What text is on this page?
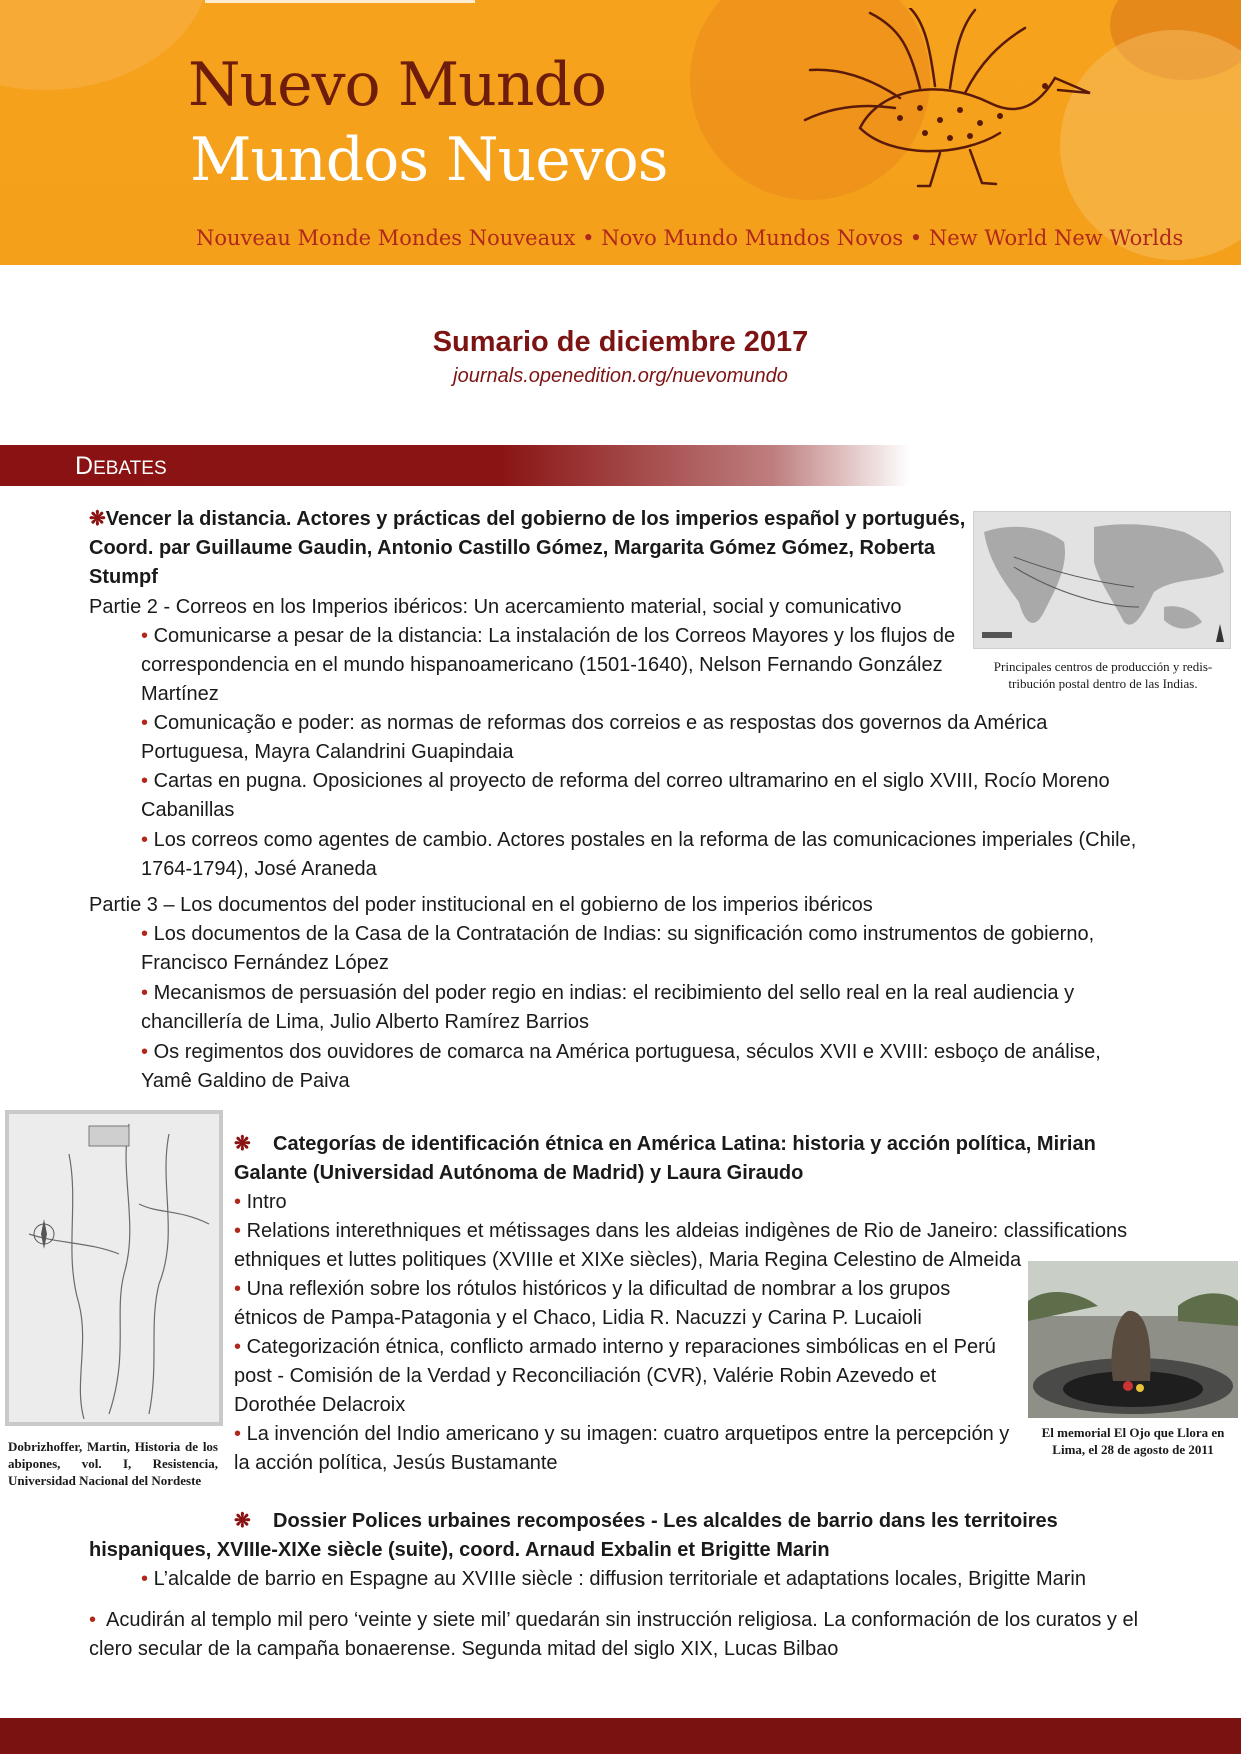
Nuevo Mundo
Mundos Nuevos
Nouveau Monde Mondes Nouveaux • Novo Mundo Mundos Novos • New World New Worlds
Sumario de diciembre 2017
journals.openedition.org/nuevomundo
DEBATES
❋Vencer la distancia. Actores y prácticas del gobierno de los imperios español y portugués, Coord. par Guillaume Gaudin, Antonio Castillo Gómez, Margarita Gómez Gómez, Roberta Stumpf
Partie 2 - Correos en los Imperios ibéricos: Un acercamiento material, social y comunicativo
• Comunicarse a pesar de la distancia: La instalación de los Correos Mayores y los flujos de correspondencia en el mundo hispanoamericano (1501-1640), Nelson Fernando González Martínez
• Comunicação e poder: as normas de reformas dos correios e as respostas dos governos da América Portuguesa, Mayra Calandrini Guapindaia
• Cartas en pugna. Oposiciones al proyecto de reforma del correo ultramarino en el siglo XVIII, Rocío Moreno Cabanillas
• Los correos como agentes de cambio. Actores postales en la reforma de las comunicaciones imperiales (Chile, 1764-1794), José Araneda
Partie 3 – Los documentos del poder institucional en el gobierno de los imperios ibéricos
• Los documentos de la Casa de la Contratación de Indias: su significación como instrumentos de gobierno, Francisco Fernández López
• Mecanismos de persuasión del poder regio en indias: el recibimiento del sello real en la real audiencia y chancillería de Lima, Julio Alberto Ramírez Barrios
• Os regimentos dos ouvidores de comarca na América portuguesa, séculos XVII e XVIII: esboço de análise, Yamê Galdino de Paiva
Principales centros de producción y redis- tribución postal dentro de las Indias.
Dobrizhoffer, Martin, Historia de los abipones, vol. I, Resistencia, Universidad Nacional del Nordeste
❋ Categorías de identificación étnica en América Latina: historia y acción política, Mirian Galante (Universidad Autónoma de Madrid) y Laura Giraudo
• Intro
• Relations interethniques et métissages dans les aldeias indigènes de Rio de Janeiro: classifications ethniques et luttes politiques (XVIIIe et XIXe siècles), Maria Regina Celestino de Almeida
• Una reflexión sobre los rótulos históricos y la dificultad de nombrar a los grupos étnicos de Pampa-Patagonia y el Chaco, Lidia R. Nacuzzi y Carina P. Lucaioli
• Categorización étnica, conflicto armado interno y reparaciones simbólicas en el Perú post - Comisión de la Verdad y Reconciliación (CVR), Valérie Robin Azevedo et Dorothée Delacroix
• La invención del Indio americano y su imagen: cuatro arquetipos entre la percepción y la acción política, Jesús Bustamante
El memorial El Ojo que Llora en Lima, el 28 de agosto de 2011
❋ Dossier Polices urbaines recomposées - Les alcaldes de barrio dans les territoires hispaniques, XVIIIe-XIXe siècle (suite), coord. Arnaud Exbalin et Brigitte Marin
• L’alcalde de barrio en Espagne au XVIIIe siècle : diffusion territoriale et adaptations locales, Brigitte Marin
• Acudirán al templo mil pero ‘veinte y siete mil’ quedarán sin instrucción religiosa. La conformación de los curatos y el clero secular de la campaña bonaerense. Segunda mitad del siglo XIX, Lucas Bilbao
